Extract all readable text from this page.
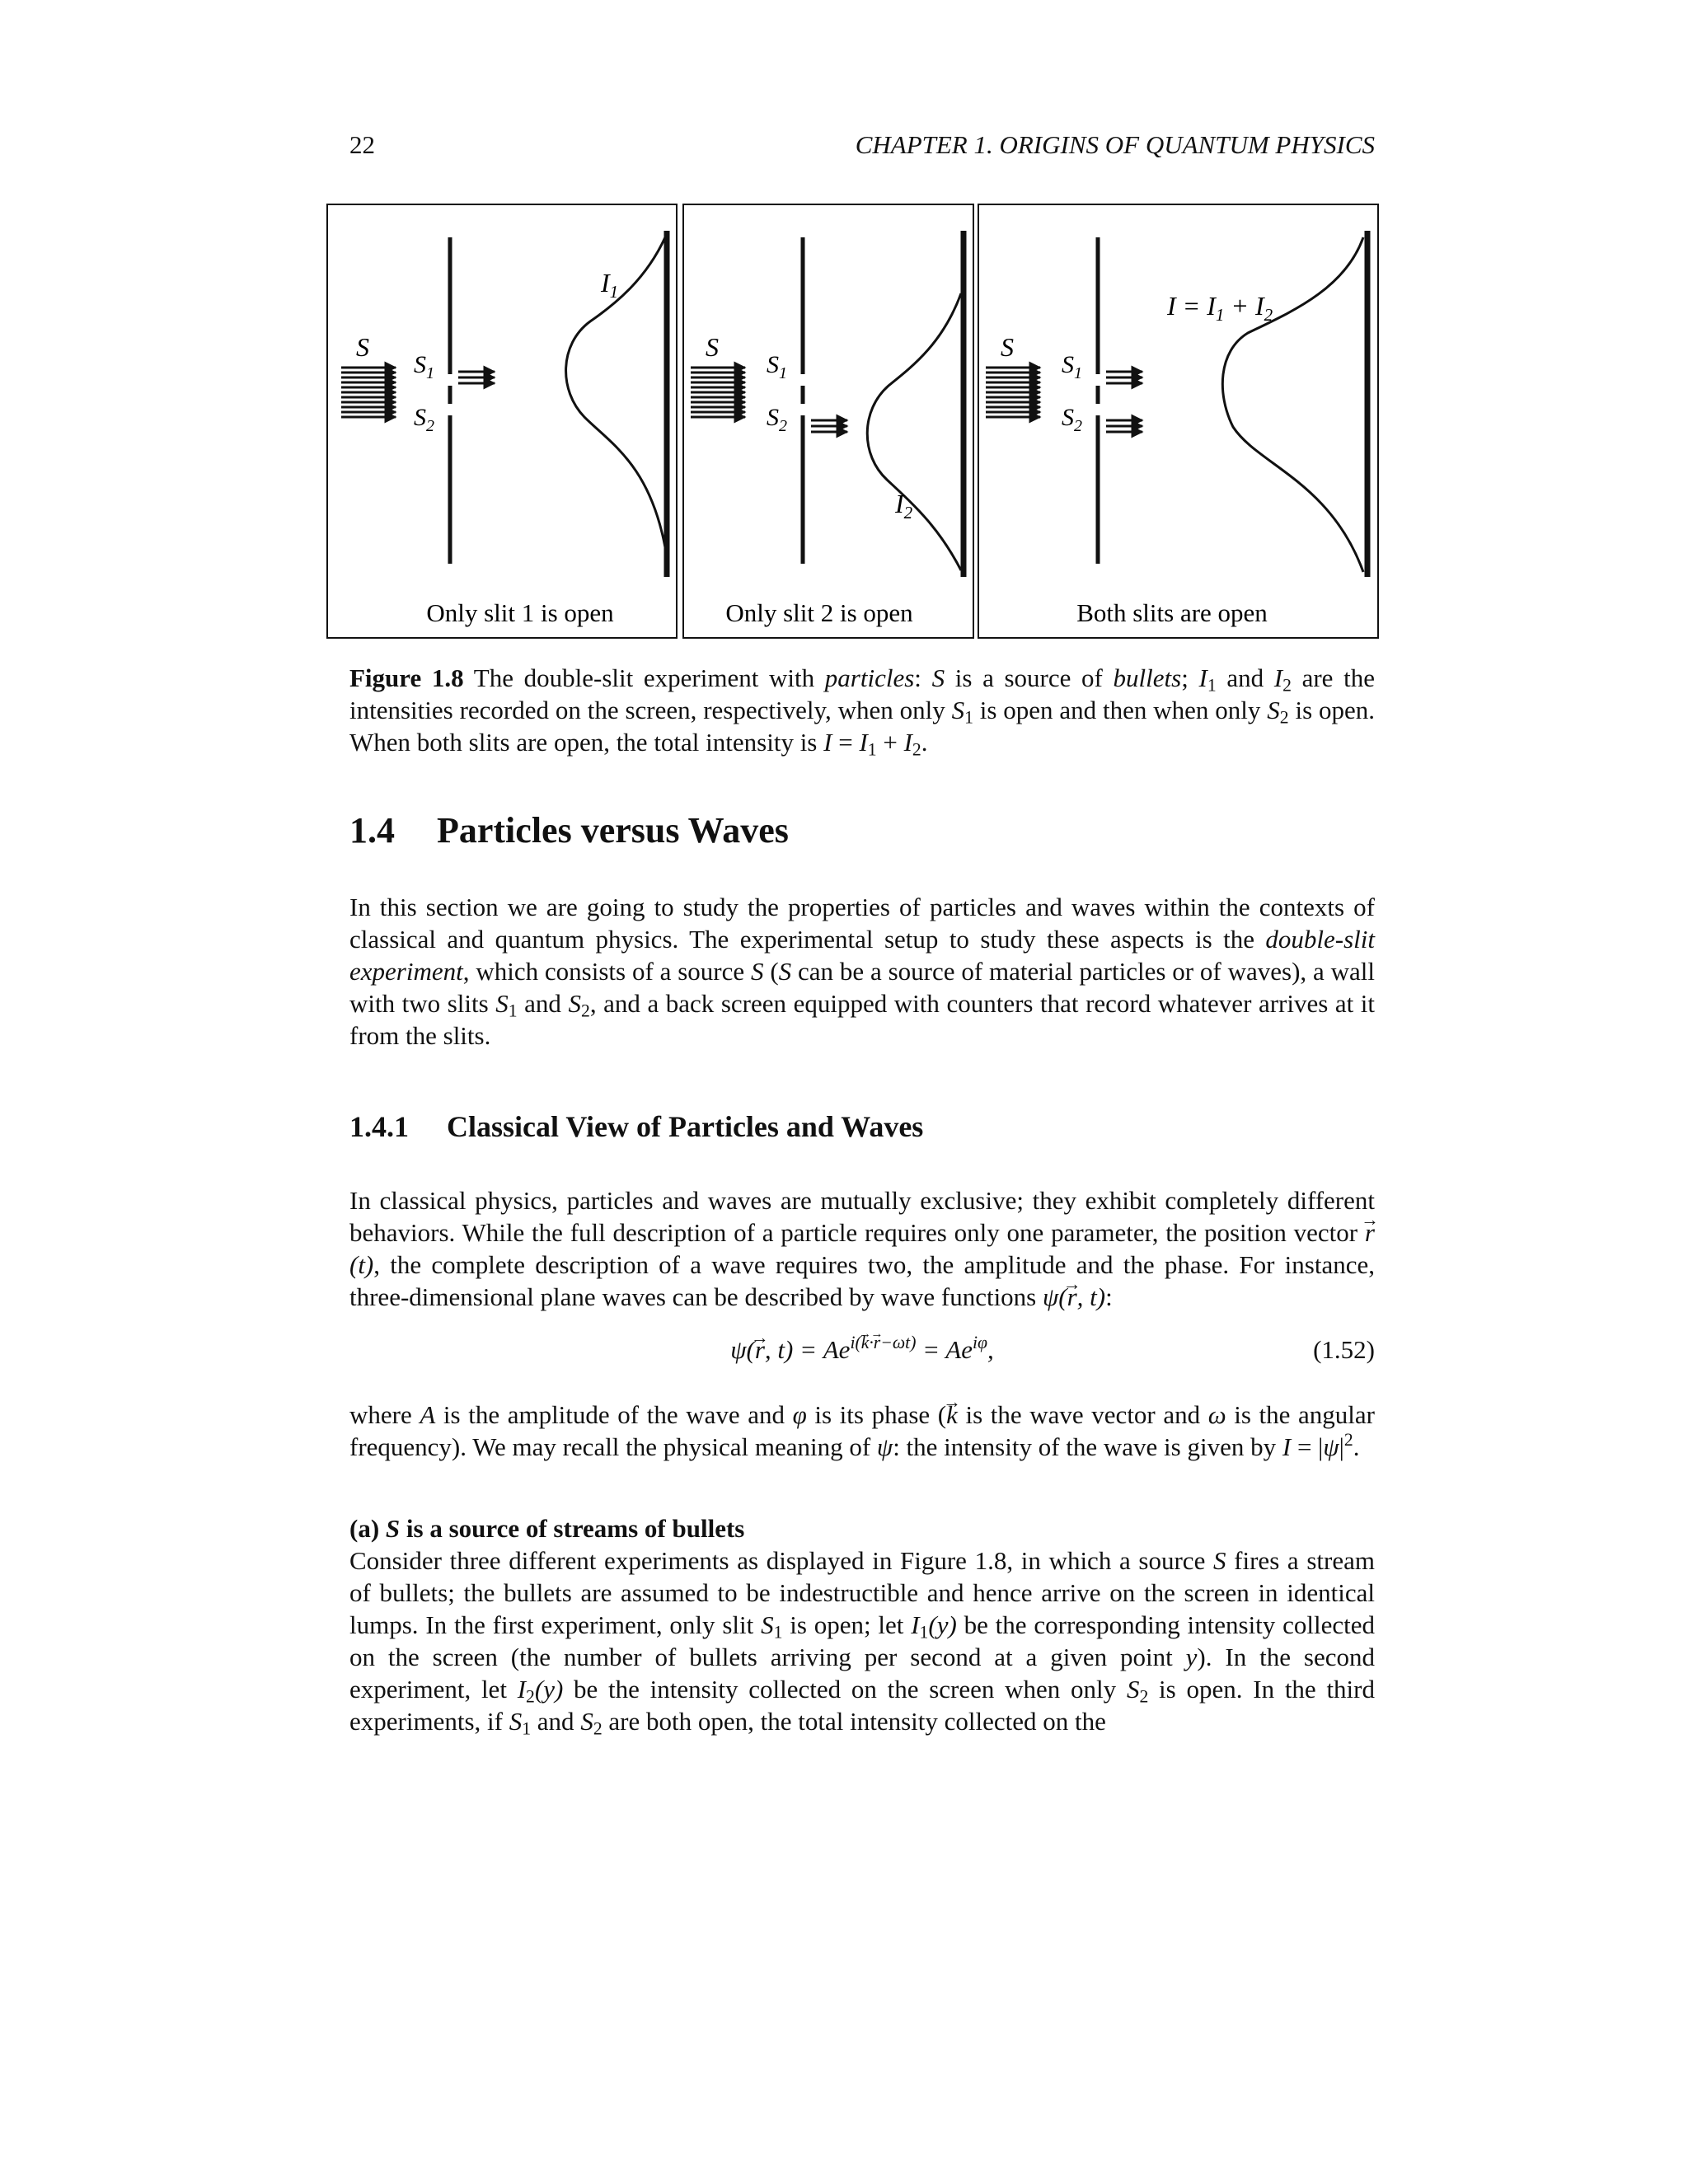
22	CHAPTER 1. ORIGINS OF QUANTUM PHYSICS
S
$S_1$
$S_2$
$I_1$
Only slit 1 is open
S
$S_1$
$S_2$
$I_2$
Only slit 2 is open
S
$S_1$
$S_2$
$I = I_1 + I_2$
Both slits are open
Figure 1.8 The double-slit experiment with particles: S is a source of bullets; $I_1$ and $I_2$ are the intensities recorded on the screen, respectively, when only $S_1$ is open and then when only $S_2$ is open. When both slits are open, the total intensity is $I = I_1 + I_2$.
1.4 Particles versus Waves
In this section we are going to study the properties of particles and waves within the contexts of classical and quantum physics. The experimental setup to study these aspects is the double-slit experiment, which consists of a source S (S can be a source of material particles or of waves), a wall with two slits $S_1$ and $S_2$, and a back screen equipped with counters that record whatever arrives at it from the slits.
1.4.1 Classical View of Particles and Waves
In classical physics, particles and waves are mutually exclusive; they exhibit completely different behaviors. While the full description of a particle requires only one parameter, the position vector → r(t), the complete description of a wave requires two, the amplitude and the phase. For instance, three-dimensional plane waves can be described by wave functions ψ(→ r, t):
ψ(→ r, $t) = Ae^{i(k\cdot r-\omega t)} = Ae^{i\varphi}$,	(1.52)
where A is the amplitude of the wave and φ is its phase (→ k is the wave vector and ω is the angular frequency). We may recall the physical meaning of ψ: the intensity of the wave is given by $I = |\psi|^2$.
(a) S is a source of streams of bullets
Consider three different experiments as displayed in Figure 1.8, in which a source S fires a stream of bullets; the bullets are assumed to be indestructible and hence arrive on the screen in identical lumps. In the first experiment, only slit $S_1$ is open; let $I_1(y)$ be the corresponding intensity collected on the screen (the number of bullets arriving per second at a given point y). In the second experiment, let $I_2(y)$ be the intensity collected on the screen when only $S_2$ is open. In the third experiments, if $S_1$ and $S_2$ are both open, the total intensity collected on the
